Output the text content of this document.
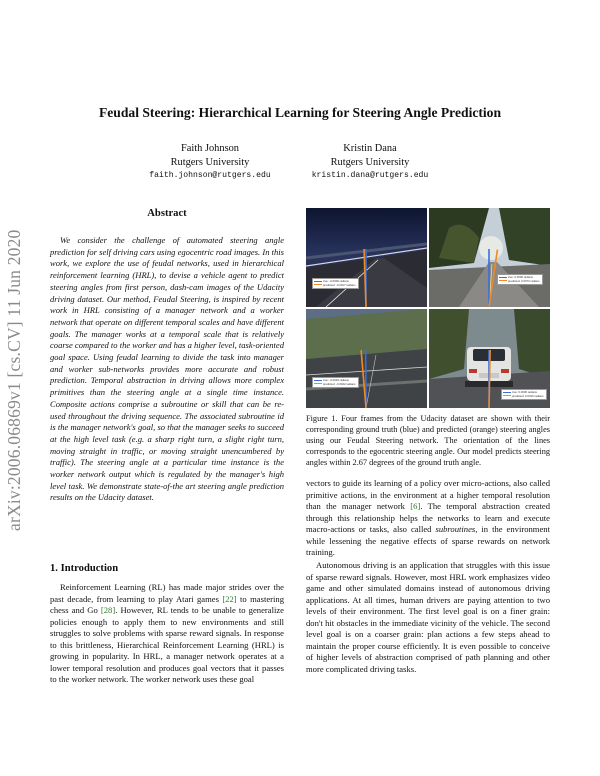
arXiv:2006.06869v1 [cs.CV] 11 Jun 2020
Feudal Steering: Hierarchical Learning for Steering Angle Prediction
Faith Johnson
Rutgers University
faith.johnson@rutgers.edu
Kristin Dana
Rutgers University
kristin.dana@rutgers.edu
Abstract

We consider the challenge of automated steering angle prediction for self driving cars using egocentric road images. In this work, we explore the use of feudal networks, used in hierarchical reinforcement learning (HRL), to devise a vehicle agent to predict steering angles from first person, dash-cam images of the Udacity driving dataset. Our method, Feudal Steering, is inspired by recent work in HRL consisting of a manager network and a worker network that operate on different temporal scales and have different goals. The manager works at a temporal scale that is relatively coarse compared to the worker and has a higher level, task-oriented goal space. Using feudal learning to divide the task into manager and worker sub-networks provides more accurate and robust prediction. Temporal abstraction in driving allows more complex primitives than the steering angle at a single time instance. Composite actions comprise a subroutine or skill that can be re-used throughout the driving sequence. The associated subroutine id is the manager network's goal, so that the manager seeks to succeed at the high level task (e.g. a sharp right turn, a slight right turn, moving straight in traffic, or moving straight unencumbered by traffic). The steering angle at a particular time instance is the worker network output which is regulated by the manager's high level task. We demonstrate state-of-the art steering angle prediction results on the Udacity dataset.

1. Introduction

Reinforcement Learning (RL) has made major strides over the past decade, from learning to play Atari games [22] to mastering chess and Go [28]. However, RL tends to be unable to generalize policies enough to apply them to new environments and still struggles to solve problems with sparse reward signals. In response to this brittleness, Hierarchical Reinforcement Learning (HRL) is growing in popularity. In HRL, a manager network operates at a lower temporal resolution and produces goal vectors that it passes to the worker network. The worker network uses these goal

true: -0.0000 radians
predicted: -0.0017 radians
true: 0.0000 radians
predicted: 0.0073 radians
true: -0.0003 radians
predicted: -0.0042 radians
true: 0.0000 radians
predicted: 0.0010 radians

Figure 1. Four frames from the Udacity dataset are shown with their corresponding ground truth (blue) and predicted (orange) steering angles using our Feudal Steering network. The orientation of the lines corresponds to the egocentric steering angle. Our model predicts steering angles within 2.67 degrees of the ground truth angle.

vectors to guide its learning of a policy over micro-actions, also called primitive actions, in the environment at a higher temporal resolution than the manager network [6]. The temporal abstraction created through this relationship helps the networks to learn and execute macro-actions or tasks, also called subroutines, in the environment while lessening the negative effects of sparse rewards on network training.

Autonomous driving is an application that struggles with this issue of sparse reward signals. However, most HRL work emphasizes video game and other simulated domains instead of autonomous driving applications. At all times, human drivers are paying attention to two levels of their environment. The first level goal is on a finer grain: don't hit obstacles in the immediate vicinity of the vehicle. The second level goal is on a coarser grain: plan actions a few steps ahead to maintain the proper course efficiently. It is even possible to conceive of higher levels of abstraction comprised of path planning and other more complicated driving tasks.
